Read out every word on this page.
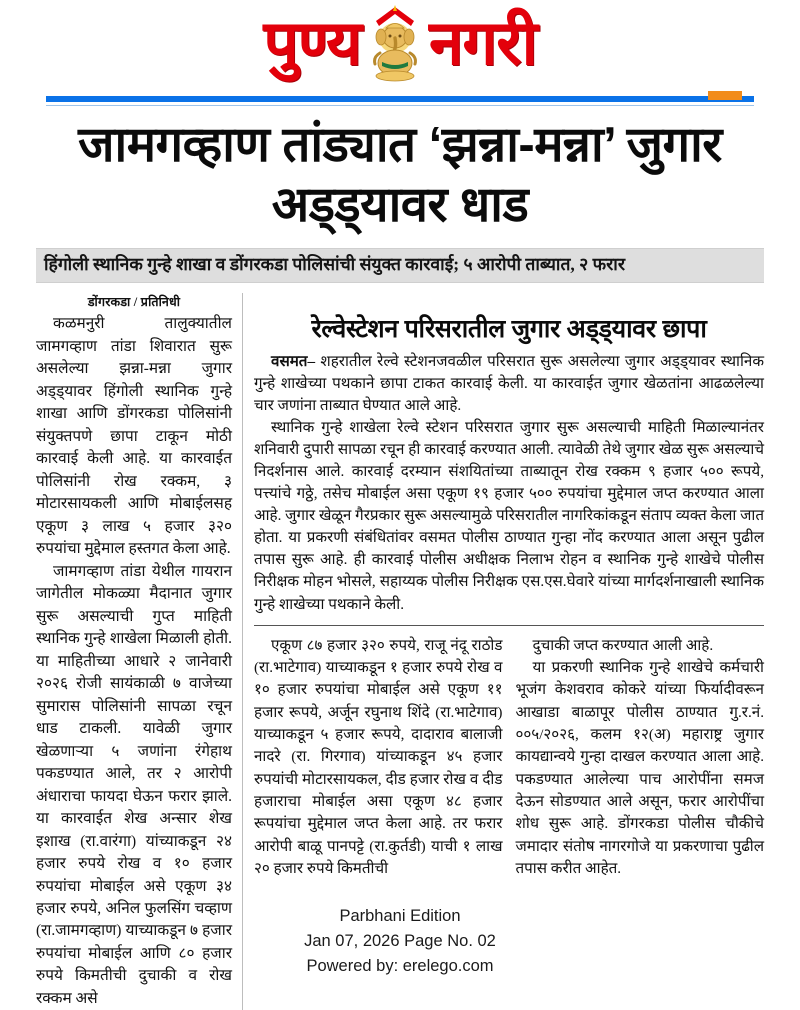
पुण्य नगरी
जामगव्हाण तांड्यात ‘झन्ना-मन्ना’ जुगार अड्ड्यावर धाड
हिंगोली स्थानिक गुन्हे शाखा व डोंगरकडा पोलिसांची संयुक्त कारवाई; ५ आरोपी ताब्यात, २ फरार
डोंगरकडा / प्रतिनिधी

कळमनुरी तालुक्यातील जामगव्हाण तांडा शिवारात सुरू असलेल्या झन्ना-मन्ना जुगार अड्ड्यावर हिंगोली स्थानिक गुन्हे शाखा आणि डोंगरकडा पोलिसांनी संयुक्तपणे छापा टाकून मोठी कारवाई केली आहे. या कारवाईत पोलिसांनी रोख रक्कम, ३ मोटारसायकली आणि मोबाईलसह एकूण ३ लाख ५ हजार ३२० रुपयांचा मुद्देमाल हस्तगत केला आहे.

जामगव्हाण तांडा येथील गायरान जागेतील मोकळ्या मैदानात जुगार सुरू असल्याची गुप्त माहिती स्थानिक गुन्हे शाखेला मिळाली होती. या माहितीच्या आधारे २ जानेवारी २०२६ रोजी सायंकाळी ७ वाजेच्या सुमारास पोलिसांनी सापळा रचून धाड टाकली. यावेळी जुगार खेळणाऱ्या ५ जणांना रंगेहाथ पकडण्यात आले, तर २ आरोपी अंधाराचा फायदा घेऊन फरार झाले. या कारवाईत शेख अन्सार शेख इशाख (रा.वारंगा) यांच्याकडून २४ हजार रुपये रोख व १० हजार रुपयांचा मोबाईल असे एकूण ३४ हजार रुपये, अनिल फुलसिंग चव्हाण (रा.जामगव्हाण) याच्याकडून ७ हजार रुपयांचा मोबाईल आणि ८० हजार रुपये किमतीची दुचाकी व रोख रक्कम असे

रेल्वेस्टेशन परिसरातील जुगार अड्ड्यावर छापा

वसमत– शहरातील रेल्वे स्टेशनजवळील परिसरात सुरू असलेल्या जुगार अड्ड्यावर स्थानिक गुन्हे शाखेच्या पथकाने छापा टाकत कारवाई केली. या कारवाईत जुगार खेळतांना आढळलेल्या चार जणांना ताब्यात घेण्यात आले आहे.

स्थानिक गुन्हे शाखेला रेल्वे स्टेशन परिसरात जुगार सुरू असल्याची माहिती मिळाल्यानंतर शनिवारी दुपारी सापळा रचून ही कारवाई करण्यात आली. त्यावेळी तेथे जुगार खेळ सुरू असल्याचे निदर्शनास आले. कारवाई दरम्यान संशयितांच्या ताब्यातून रोख रक्कम ९ हजार ५०० रूपये, पत्त्यांचे गठ्ठे, तसेच मोबाईल असा एकूण १९ हजार ५०० रुपयांचा मुद्देमाल जप्त करण्यात आला आहे. जुगार खेळून गैरप्रकार सुरू असल्यामुळे परिसरातील नागरिकांकडून संताप व्यक्त केला जात होता. या प्रकरणी संबंधितांवर वसमत पोलीस ठाण्यात गुन्हा नोंद करण्यात आला असून पुढील तपास सुरू आहे. ही कारवाई पोलीस अधीक्षक निलाभ रोहन व स्थानिक गुन्हे शाखेचे पोलीस निरीक्षक मोहन भोसले, सहाय्यक पोलीस निरीक्षक एस.एस.घेवारे यांच्या मार्गदर्शनाखाली स्थानिक गुन्हे शाखेच्या पथकाने केली.

एकूण ८७ हजार ३२० रुपये, राजू नंदू राठोड (रा.भाटेगाव) याच्याकडून १ हजार रुपये रोख व १० हजार रुपयांचा मोबाईल असे एकूण ११ हजार रूपये, अर्जून रघुनाथ शिंदे (रा.भाटेगाव) याच्याकडून ५ हजार रूपये, दादाराव बालाजी नादरे (रा. गिरगाव) यांच्याकडून ४५ हजार रुपयांची मोटारसायकल, दीड हजार रोख व दीड हजाराचा मोबाईल असा एकूण ४८ हजार रूपयांचा मुद्देमाल जप्त केला आहे. तर फरार आरोपी बाळू पानपट्टे (रा.कुर्तडी) याची १ लाख २० हजार रुपये किमतीची

दुचाकी जप्त करण्यात आली आहे.

या प्रकरणी स्थानिक गुन्हे शाखेचे कर्मचारी भूजंग केशवराव कोकरे यांच्या फिर्यादीवरून आखाडा बाळापूर पोलीस ठाण्यात गु.र.नं. ००५/२०२६, कलम १२(अ) महाराष्ट्र जुगार कायद्यान्वये गुन्हा दाखल करण्यात आला आहे. पकडण्यात आलेल्या पाच आरोपींना समज देऊन सोडण्यात आले असून, फरार आरोपींचा शोध सुरू आहे. डोंगरकडा पोलीस चौकीचे जमादार संतोष नागरगोजे या प्रकरणाचा पुढील तपास करीत आहेत.

Parbhani Edition
Jan 07, 2026 Page No. 02
Powered by: erelego.com
